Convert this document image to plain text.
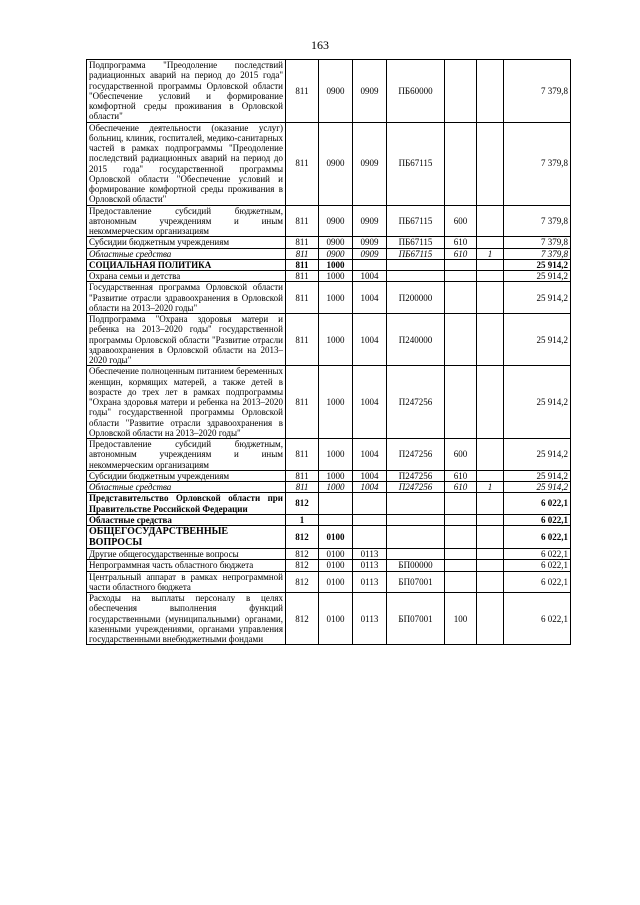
163
Подпрограмма "Преодоление последствий радиационных аварий на период до 2015 года" государственной программы Орловской области "Обеспечение условий и формирование комфортной среды проживания в Орловской области"	811	0900	0909	ПБ60000			7 379,8
Обеспечение деятельности (оказание услуг) больниц, клиник, госпиталей, медико-санитарных частей в рамках подпрограммы "Преодоление последствий радиационных аварий на период до 2015 года" государственной программы Орловской области "Обеспечение условий и формирование комфортной среды проживания в Орловской области"	811	0900	0909	ПБ67115			7 379,8
Предоставление субсидий бюджетным, автономным учреждениям и иным некоммерческим организациям	811	0900	0909	ПБ67115	600		7 379,8
Субсидии бюджетным учреждениям	811	0900	0909	ПБ67115	610		7 379,8
Областные средства	811	0900	0909	ПБ67115	610	1	7 379,8
СОЦИАЛЬНАЯ ПОЛИТИКА	811	1000					25 914,2
Охрана семьи и детства	811	1000	1004				25 914,2
Государственная программа Орловской области "Развитие отрасли здравоохранения в Орловской области на 2013–2020 годы"	811	1000	1004	П200000			25 914,2
Подпрограмма "Охрана здоровья матери и ребенка на 2013–2020 годы" государственной программы Орловской области "Развитие отрасли здравоохранения в Орловской области на 2013–2020 годы"	811	1000	1004	П240000			25 914,2
Обеспечение полноценным питанием беременных женщин, кормящих матерей, а также детей в возрасте до трех лет в рамках подпрограммы "Охрана здоровья матери и ребенка на 2013–2020 годы" государственной программы Орловской области "Развитие отрасли здравоохранения в Орловской области на 2013–2020 годы"	811	1000	1004	П247256			25 914,2
Предоставление субсидий бюджетным, автономным учреждениям и иным некоммерческим организациям	811	1000	1004	П247256	600		25 914,2
Субсидии бюджетным учреждениям	811	1000	1004	П247256	610		25 914,2
Областные средства	811	1000	1004	П247256	610	1	25 914,2
Представительство Орловской области при Правительстве Российской Федерации	812						6 022,1
Областные средства	1						6 022,1
ОБЩЕГОСУДАРСТВЕННЫЕ ВОПРОСЫ	812	0100					6 022,1
Другие общегосударственные вопросы	812	0100	0113				6 022,1
Непрограммная часть областного бюджета	812	0100	0113	БП00000			6 022,1
Центральный аппарат в рамках непрограммной части областного бюджета	812	0100	0113	БП07001			6 022,1
Расходы на выплаты персоналу в целях обеспечения выполнения функций государственными (муниципальными) органами, казенными учреждениями, органами управления государственными внебюджетными фондами	812	0100	0113	БП07001	100		6 022,1
